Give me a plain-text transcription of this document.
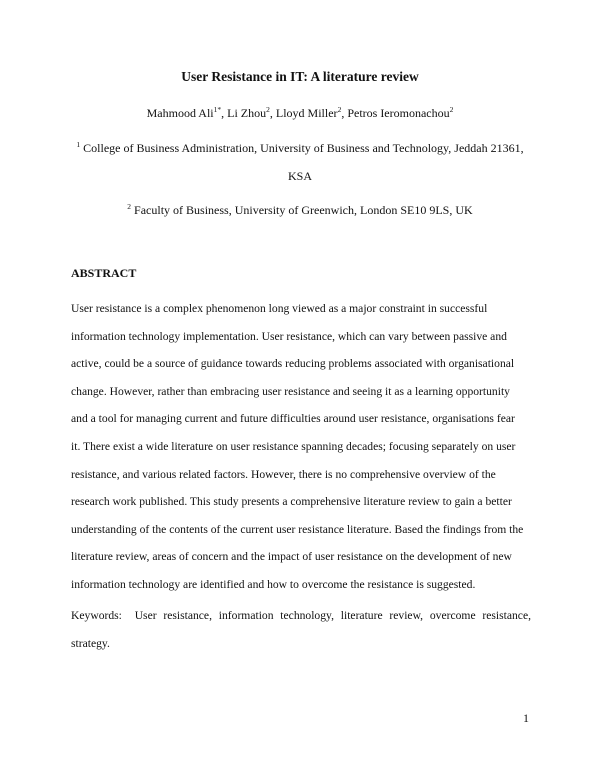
User Resistance in IT: A literature review
Mahmood Ali$^{1*}$, Li Zhou$^2$, Lloyd Miller$^2$, Petros Ieromonachou$^2$
$^1$ College of Business Administration, University of Business and Technology, Jeddah 21361,
KSA
$^2$ Faculty of Business, University of Greenwich, London SE10 9LS, UK
ABSTRACT

User resistance is a complex phenomenon long viewed as a major constraint in successful

information technology implementation. User resistance, which can vary between passive and

active, could be a source of guidance towards reducing problems associated with organisational

change. However, rather than embracing user resistance and seeing it as a learning opportunity

and a tool for managing current and future difficulties around user resistance, organisations fear

it. There exist a wide literature on user resistance spanning decades; focusing separately on user

resistance, and various related factors. However, there is no comprehensive overview of the

research work published. This study presents a comprehensive literature review to gain a better

understanding of the contents of the current user resistance literature. Based the findings from the

literature review, areas of concern and the impact of user resistance on the development of new

information technology are identified and how to overcome the resistance is suggested.

Keywords: User resistance, information technology, literature review, overcome resistance, strategy.
1
